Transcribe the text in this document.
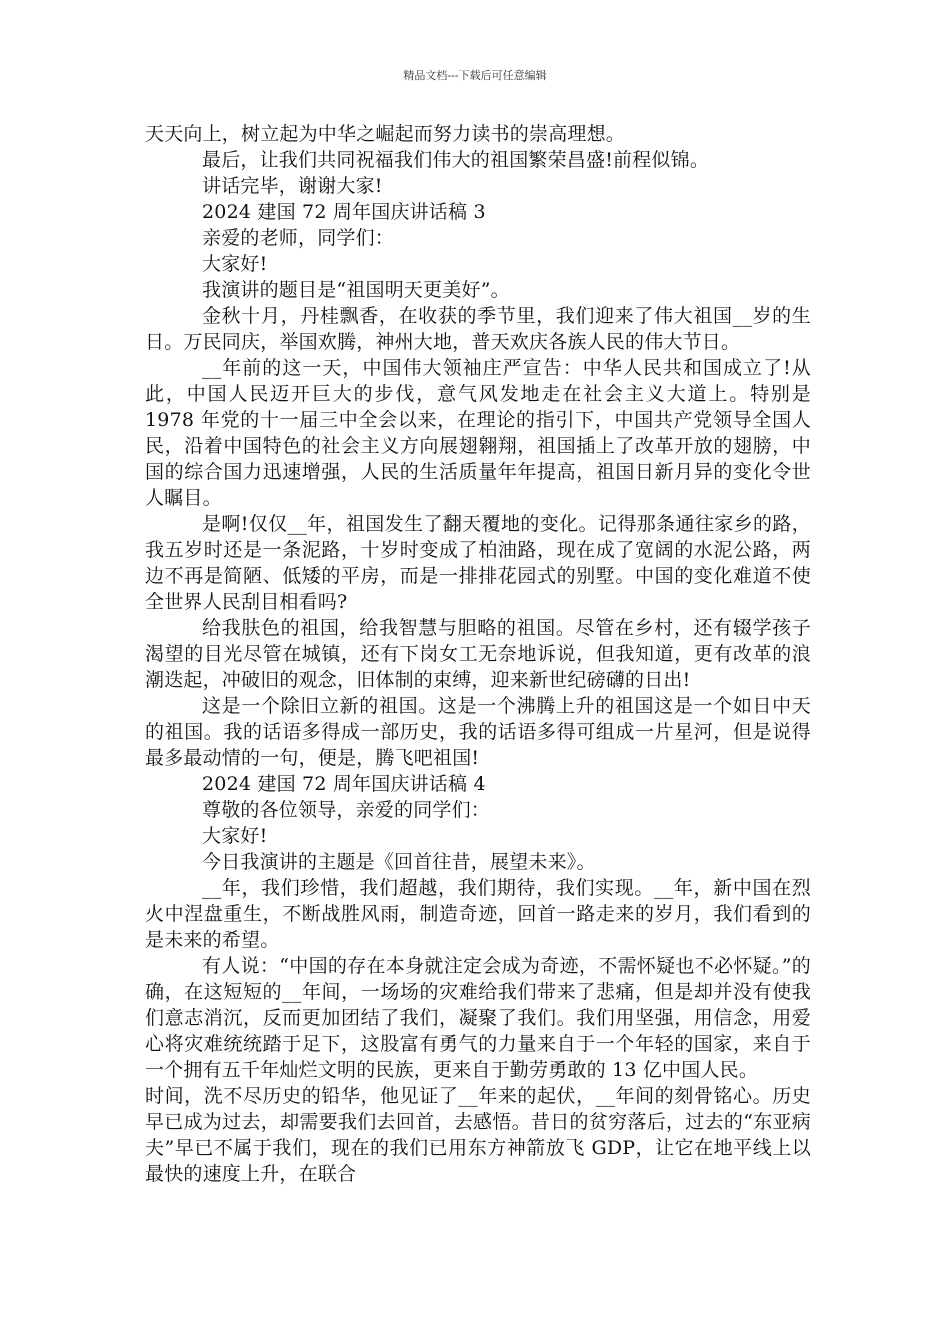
精品文档---下载后可任意编辑

天天向上，树立起为中华之崛起而努力读书的崇高理想。

最后，让我们共同祝福我们伟大的祖国繁荣昌盛!前程似锦。

讲话完毕，谢谢大家!

2024 建国 72 周年国庆讲话稿 3

亲爱的老师，同学们：

大家好!

我演讲的题目是“祖国明天更美好”。

金秋十月，丹桂飘香，在收获的季节里，我们迎来了伟大祖国__岁的生日。万民同庆，举国欢腾，神州大地，普天欢庆各族人民的伟大节日。

__年前的这一天，中国伟大领袖庄严宣告：中华人民共和国成立了!从此，中国人民迈开巨大的步伐，意气风发地走在社会主义大道上。特别是 1978 年党的十一届三中全会以来，在理论的指引下，中国共产党领导全国人民，沿着中国特色的社会主义方向展翅翱翔，祖国插上了改革开放的翅膀，中国的综合国力迅速增强，人民的生活质量年年提高，祖国日新月异的变化令世人瞩目。

是啊!仅仅__年，祖国发生了翻天覆地的变化。记得那条通往家乡的路，我五岁时还是一条泥路，十岁时变成了柏油路，现在成了宽阔的水泥公路，两边不再是简陋、低矮的平房，而是一排排花园式的别墅。中国的变化难道不使全世界人民刮目相看吗?

给我肤色的祖国，给我智慧与胆略的祖国。尽管在乡村，还有辍学孩子渴望的目光尽管在城镇，还有下岗女工无奈地诉说，但我知道，更有改革的浪潮迭起，冲破旧的观念，旧体制的束缚，迎来新世纪磅礴的日出!

这是一个除旧立新的祖国。这是一个沸腾上升的祖国这是一个如日中天的祖国。我的话语多得成一部历史，我的话语多得可组成一片星河，但是说得最多最动情的一句，便是，腾飞吧祖国!

2024 建国 72 周年国庆讲话稿 4

尊敬的各位领导，亲爱的同学们：

大家好!

今日我演讲的主题是《回首往昔，展望未来》。

__年，我们珍惜，我们超越，我们期待，我们实现。__年，新中国在烈火中涅盘重生，不断战胜风雨，制造奇迹，回首一路走来的岁月，我们看到的是未来的希望。

有人说：“中国的存在本身就注定会成为奇迹，不需怀疑也不必怀疑。”的确，在这短短的__年间，一场场的灾难给我们带来了悲痛，但是却并没有使我们意志消沉，反而更加团结了我们，凝聚了我们。我们用坚强，用信念，用爱心将灾难统统踏于足下，这股富有勇气的力量来自于一个年轻的国家，来自于一个拥有五千年灿烂文明的民族，更来自于勤劳勇敢的 13 亿中国人民。

时间，洗不尽历史的铅华，他见证了__年来的起伏，__年间的刻骨铭心。历史早已成为过去，却需要我们去回首，去感悟。昔日的贫穷落后，过去的“东亚病夫”早已不属于我们，现在的我们已用东方神箭放飞 GDP，让它在地平线上以最快的速度上升，在联合
